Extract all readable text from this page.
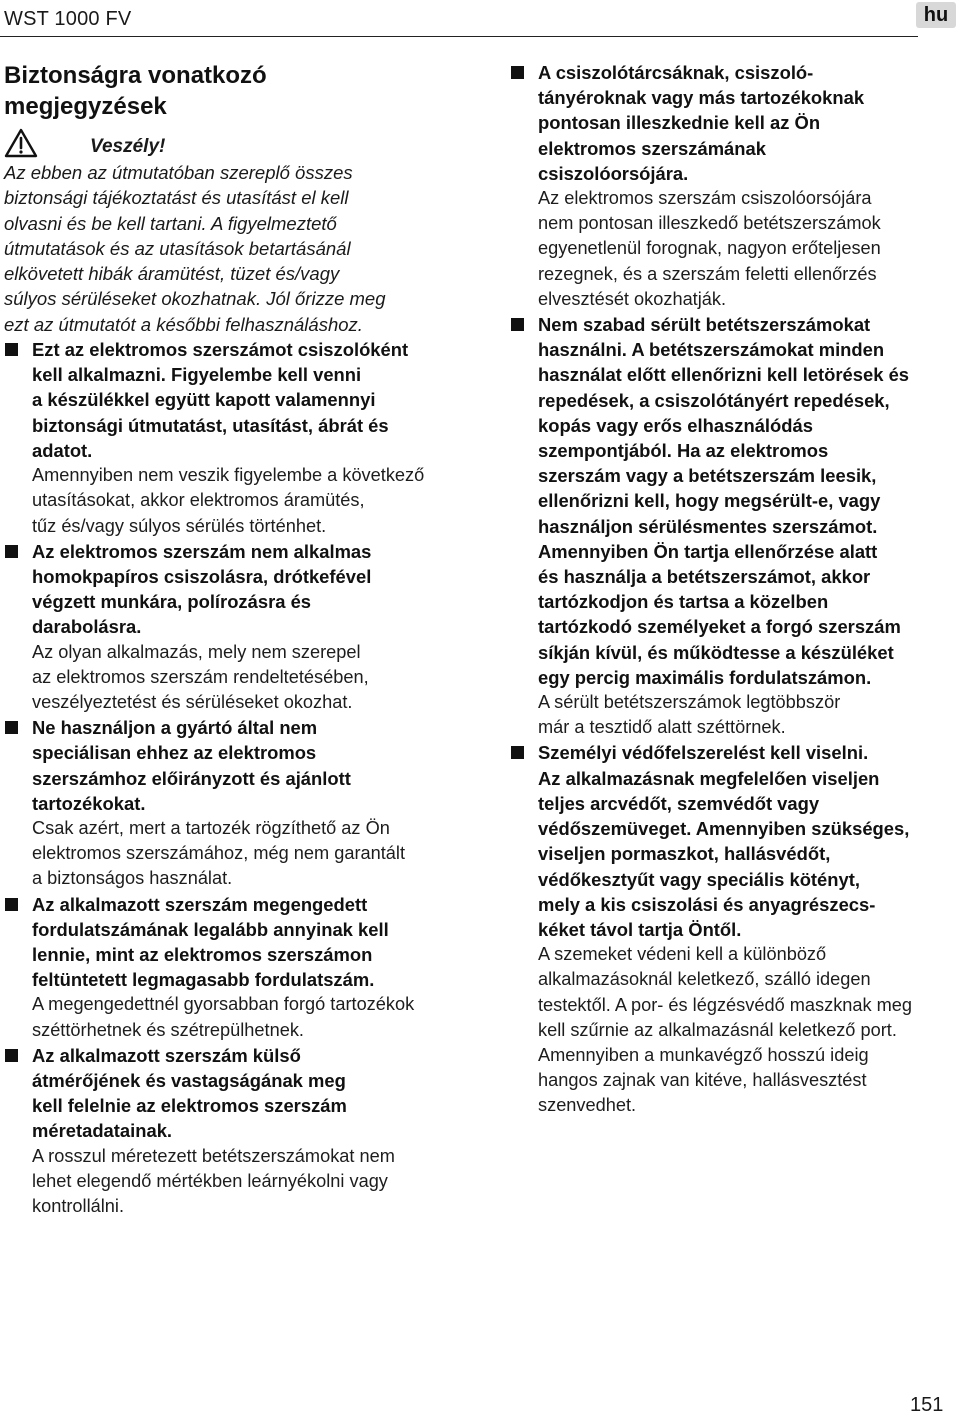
WST 1000 FV	hu
Biztonságra vonatkozó
megjegyzések
Veszély!
Az ebben az útmutatóban szereplő összes
biztonsági tájékoztatást és utasítást el kell
olvasni és be kell tartani. A figyelmeztető
útmutatások és az utasítások betartásánál
elkövetett hibák áramütést, tüzet és/vagy
súlyos sérüléseket okozhatnak. Jól őrizze meg
ezt az útmutatót a későbbi felhasználáshoz.
Ezt az elektromos szerszámot csiszolóként
kell alkalmazni. Figyelembe kell venni
a készülékkel együtt kapott valamennyi
biztonsági útmutatást, utasítást, ábrát és
adatot.
Amennyiben nem veszik figyelembe a következő
utasításokat, akkor elektromos áramütés,
tűz és/vagy súlyos sérülés történhet.
Az elektromos szerszám nem alkalmas
homokpapíros csiszolásra, drótkefével
végzett munkára, polírozásra és
darabolásra.
Az olyan alkalmazás, mely nem szerepel
az elektromos szerszám rendeltetésében,
veszélyeztetést és sérüléseket okozhat.
Ne használjon a gyártó által nem
speciálisan ehhez az elektromos
szerszámhoz előirányzott és ajánlott
tartozékokat.
Csak azért, mert a tartozék rögzíthető az Ön
elektromos szerszámához, még nem garantált
a biztonságos használat.
Az alkalmazott szerszám megengedett
fordulatszámának legalább annyinak kell
lennie, mint az elektromos szerszámon
feltüntetett legmagasabb fordulatszám.
A megengedettnél gyorsabban forgó tartozékok
széttörhetnek és szétrepülhetnek.
Az alkalmazott szerszám külső
átmérőjének és vastagságának meg
kell felelnie az elektromos szerszám
méretadatainak.
A rosszul méretezett betétszerszámokat nem
lehet elegendő mértékben leárnyékolni vagy
kontrollálni.
A csiszolótárcsáknak, csiszoló-
tányéroknak vagy más tartozékoknak
pontosan illeszkednie kell az Ön
elektromos szerszámának
csiszolóorsójára.
Az elektromos szerszám csiszolóorsójára
nem pontosan illeszkedő betétszerszámok
egyenetlenül forognak, nagyon erőteljesen
rezegnek, és a szerszám feletti ellenőrzés
elvesztését okozhatják.
Nem szabad sérült betétszerszámokat
használni. A betétszerszámokat minden
használat előtt ellenőrizni kell letörések és
repedések, a csiszolótányért repedések,
kopás vagy erős elhasználódás
szempontjából. Ha az elektromos
szerszám vagy a betétszerszám leesik,
ellenőrizni kell, hogy megsérült-e, vagy
használjon sérülésmentes szerszámot.
Amennyiben Ön tartja ellenőrzése alatt
és használja a betétszerszámot, akkor
tartózkodjon és tartsa a közelben
tartózkodó személyeket a forgó szerszám
síkján kívül, és működtesse a készüléket
egy percig maximális fordulatszámon.
A sérült betétszerszámok legtöbbször
már a tesztidő alatt széttörnek.
Személyi védőfelszerelést kell viselni.
Az alkalmazásnak megfelelően viseljen
teljes arcvédőt, szemvédőt vagy
védőszemüveget. Amennyiben szükséges,
viseljen pormaszkot, hallásvédőt,
védőkesztyűt vagy speciális kötényt,
mely a kis csiszolási és anyagrészecs-
kéket távol tartja Öntől.
A szemeket védeni kell a különböző
alkalmazásoknál keletkező, szálló idegen
testektől. A por- és légzésvédő maszknak meg
kell szűrnie az alkalmazásnál keletkező port.
Amennyiben a munkavégző hosszú ideig
hangos zajnak van kitéve, hallásvesztést
szenvedhet.
151
